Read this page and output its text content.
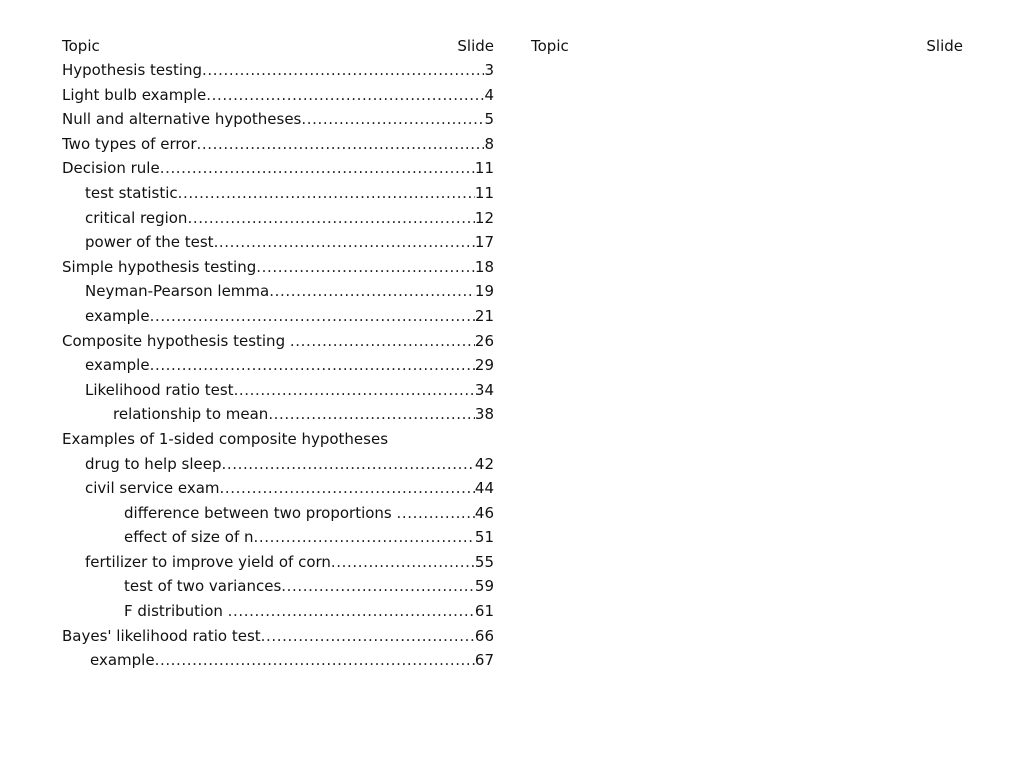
Topic	Slide
Hypothesis testing .....	3
Light bulb example .....	4
Null and alternative hypotheses .....	5
Two types of error .....	8
Decision rule .....	11
test statistic .....	11
critical region .....	12
power of the test .....	17
Simple hypothesis testing .....	18
Neyman-Pearson lemma .....	19
example .....	21
Composite hypothesis testing .....	26
example .....	29
Likelihood ratio test .....	34
relationship to mean .....	38
Examples of 1-sided composite hypotheses
drug to help sleep .....	42
civil service exam .....	44
difference between two proportions .....	46
effect of size of n .....	51
fertilizer to improve yield of corn .....	55
test of two variances .....	59
F distribution .....	61
Bayes' likelihood ratio test .....	66
example .....	67
Topic	Slide
